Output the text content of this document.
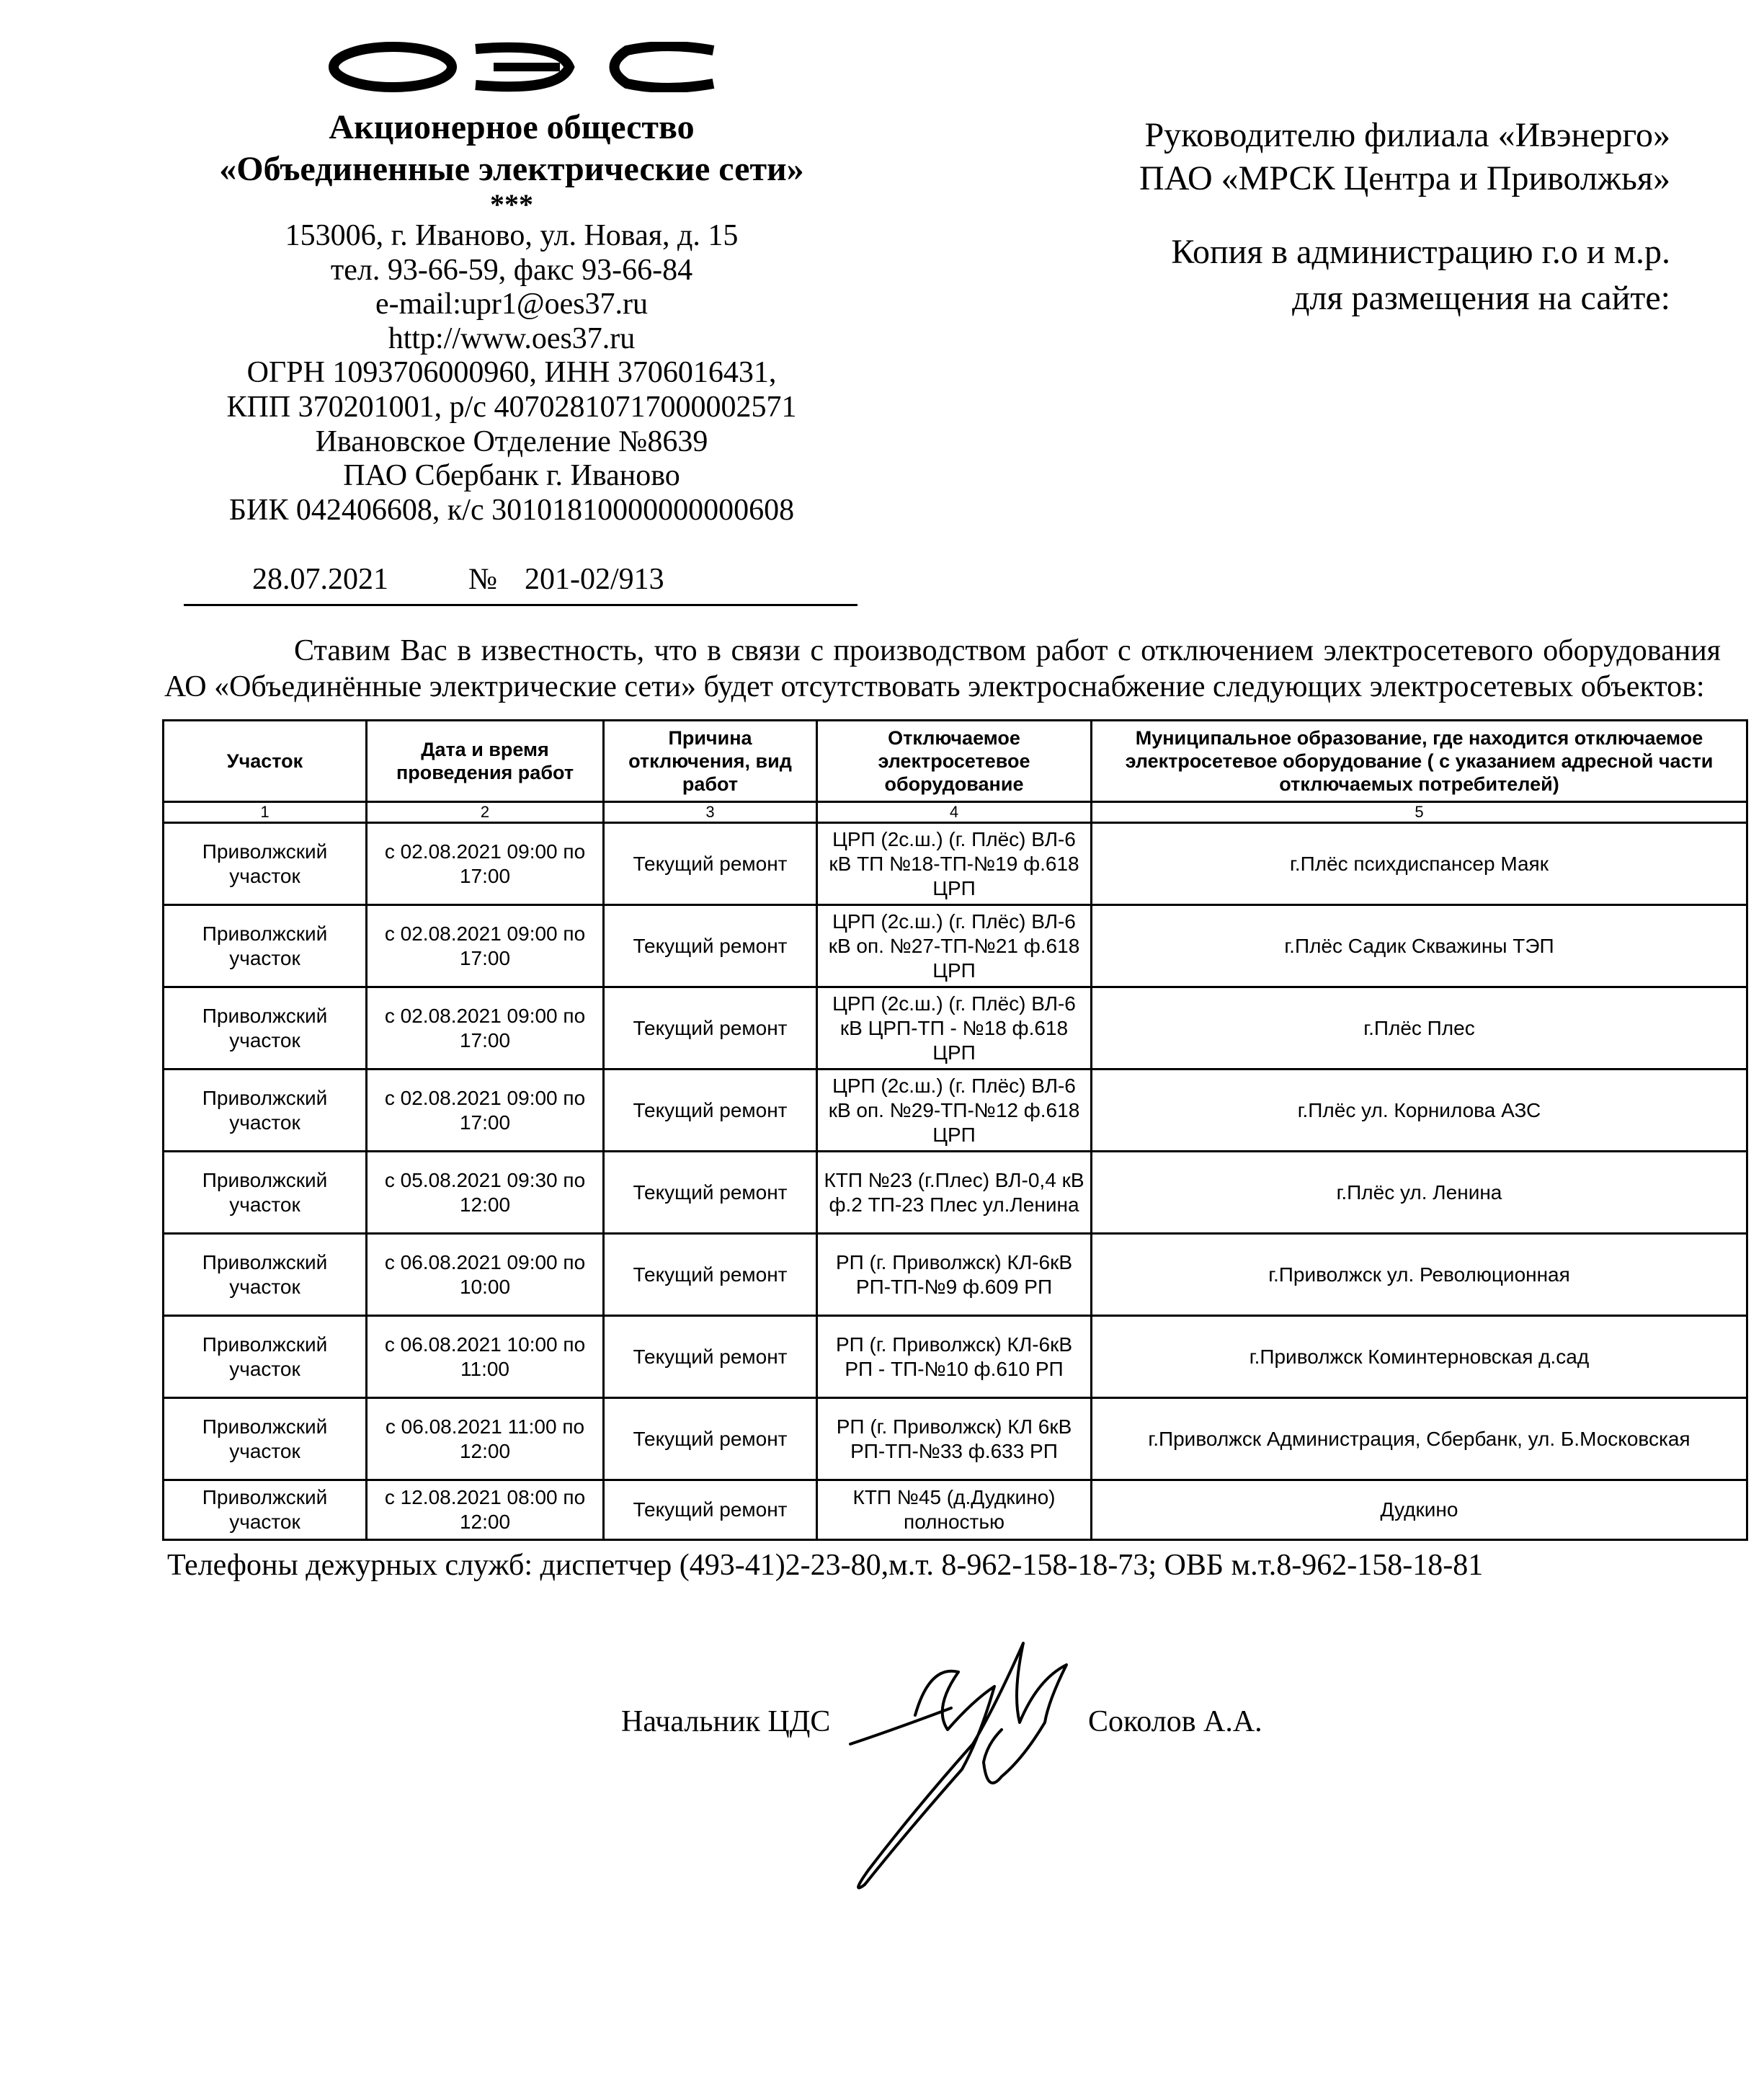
Акционерное общество
«Объединенные электрические сети»
***
153006, г. Иваново, ул. Новая, д. 15
тел. 93-66-59, факс 93-66-84
e-mail:upr1@oes37.ru
http://www.oes37.ru
ОГРН 1093706000960, ИНН 3706016431,
КПП 370201001, р/с 40702810717000002571
Ивановское Отделение №8639
ПАО Сбербанк г. Иваново
БИК 042406608, к/с 30101810000000000608
28.07.2021	№ 201-02/913
Руководителю филиала «Ивэнерго»
ПАО «МРСК Центра и Приволжья»
Копия в администрацию г.о и м.р.
для размещения на сайте:
Ставим Вас в известность, что в связи с производством работ с отключением электросетевого оборудования АО «Объединённые электрические сети» будет отсутствовать электроснабжение следующих электросетевых объектов:
Участок	Дата и время проведения работ	Причина отключения, вид работ	Отключаемое электросетевое оборудование	Муниципальное образование, где находится отключаемое электросетевое оборудование ( с указанием адресной части отключаемых потребителей)
1	2	3	4	5
Приволжский участок	с 02.08.2021 09:00 по 17:00	Текущий ремонт	ЦРП (2с.ш.) (г. Плёс) ВЛ-6 кВ ТП №18-ТП-№19 ф.618 ЦРП	г.Плёс психдиспансер Маяк
Приволжский участок	с 02.08.2021 09:00 по 17:00	Текущий ремонт	ЦРП (2с.ш.) (г. Плёс) ВЛ-6 кВ оп. №27-ТП-№21 ф.618 ЦРП	г.Плёс Садик Скважины ТЭП
Приволжский участок	с 02.08.2021 09:00 по 17:00	Текущий ремонт	ЦРП (2с.ш.) (г. Плёс) ВЛ-6 кВ ЦРП-ТП - №18 ф.618 ЦРП	г.Плёс Плес
Приволжский участок	с 02.08.2021 09:00 по 17:00	Текущий ремонт	ЦРП (2с.ш.) (г. Плёс) ВЛ-6 кВ оп. №29-ТП-№12 ф.618 ЦРП	г.Плёс ул. Корнилова АЗС
Приволжский участок	с 05.08.2021 09:30 по 12:00	Текущий ремонт	КТП №23 (г.Плес) ВЛ-0,4 кВ ф.2 ТП-23 Плес ул.Ленина	г.Плёс ул. Ленина
Приволжский участок	с 06.08.2021 09:00 по 10:00	Текущий ремонт	РП (г. Приволжск) КЛ-6кВ РП-ТП-№9 ф.609 РП	г.Приволжск ул. Революционная
Приволжский участок	с 06.08.2021 10:00 по 11:00	Текущий ремонт	РП (г. Приволжск) КЛ-6кВ РП - ТП-№10 ф.610 РП	г.Приволжск Коминтерновская д.сад
Приволжский участок	с 06.08.2021 11:00 по 12:00	Текущий ремонт	РП (г. Приволжск) КЛ 6кВ РП-ТП-№33 ф.633 РП	г.Приволжск Администрация, Сбербанк, ул. Б.Московская
Приволжский участок	с 12.08.2021 08:00 по 12:00	Текущий ремонт	КТП №45 (д.Дудкино) полностью	Дудкино
Телефоны дежурных служб: диспетчер (493-41)2-23-80,м.т. 8-962-158-18-73; ОВБ м.т.8-962-158-18-81
Начальник ЦДС	Соколов А.А.
